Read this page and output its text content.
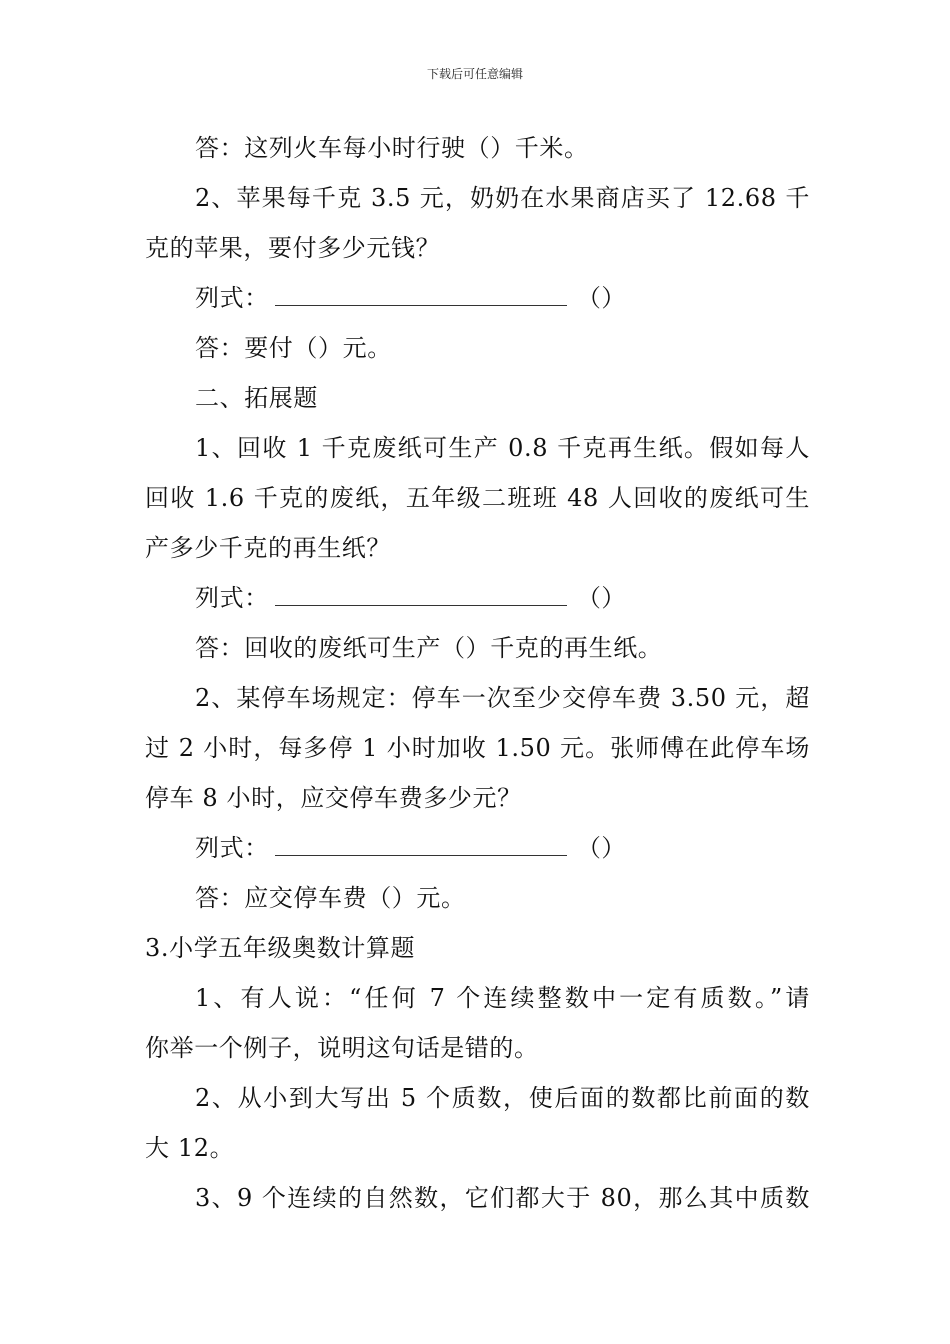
下载后可任意编辑
答：这列火车每小时行驶（）千米。
2、苹果每千克 3.5 元，奶奶在水果商店买了 12.68 千
克的苹果，要付多少元钱？
列式：	（）
答：要付（）元。
二、拓展题
1、回收 1 千克废纸可生产 0.8 千克再生纸。假如每人
回收 1.6 千克的废纸，五年级二班班 48 人回收的废纸可生
产多少千克的再生纸？
列式：	（）
答：回收的废纸可生产（）千克的再生纸。
2、某停车场规定：停车一次至少交停车费 3.50 元，超
过 2 小时，每多停 1 小时加收 1.50 元。张师傅在此停车场
停车 8 小时，应交停车费多少元？
列式：	（）
答：应交停车费（）元。
3.小学五年级奥数计算题
1、有人说：“任何 7 个连续整数中一定有质数。”请
你举一个例子，说明这句话是错的。
2、从小到大写出 5 个质数，使后面的数都比前面的数
大 12。
3、9 个连续的自然数，它们都大于 80，那么其中质数
